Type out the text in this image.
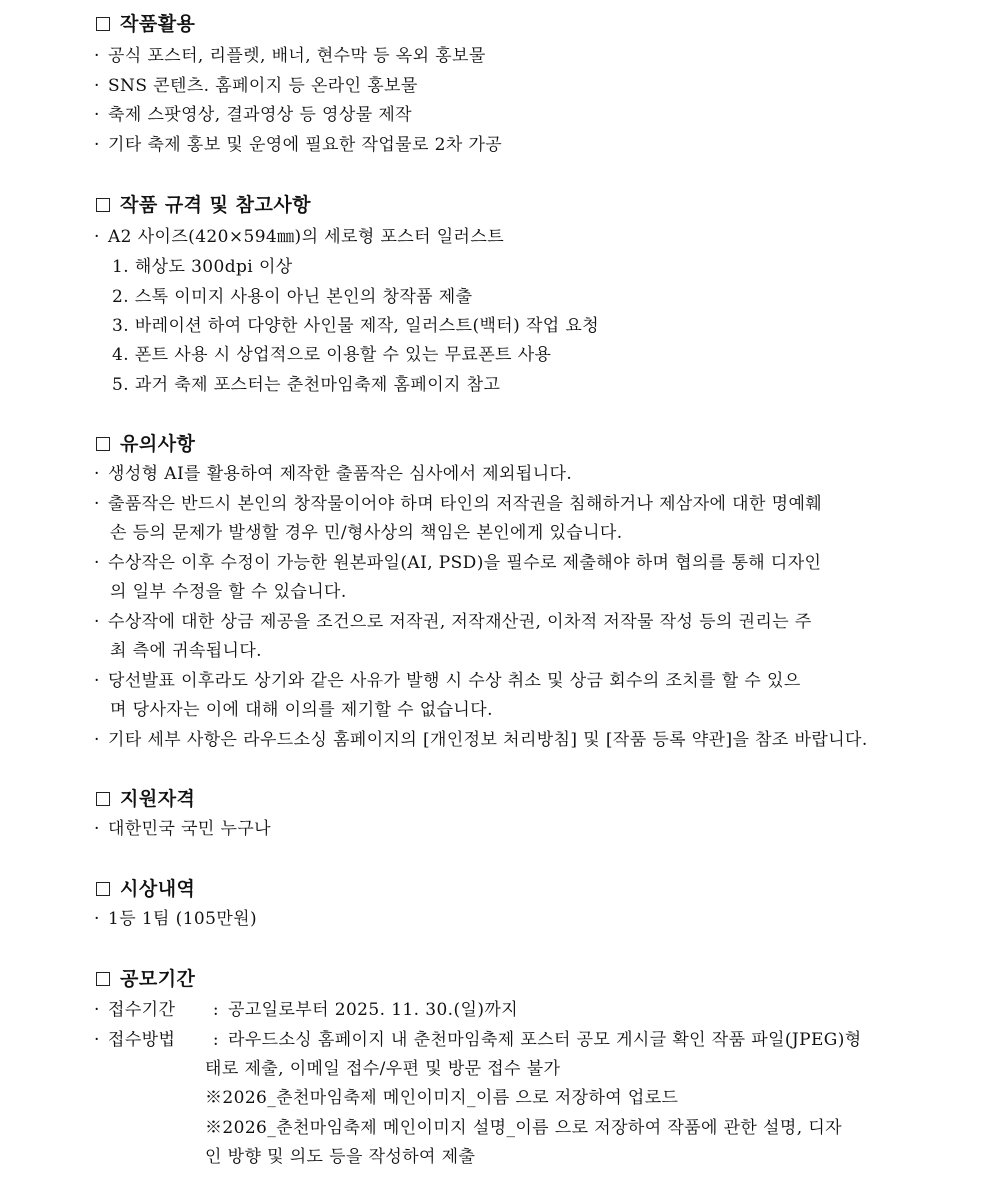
작품활용
· 공식 포스터, 리플렛, 배너, 현수막 등 옥외 홍보물
· SNS 콘텐츠. 홈페이지 등 온라인 홍보물
· 축제 스팟영상, 결과영상 등 영상물 제작
· 기타 축제 홍보 및 운영에 필요한 작업물로 2차 가공
작품 규격 및 참고사항
· A2 사이즈(420×594㎜)의 세로형 포스터 일러스트
1. 해상도 300dpi 이상
2. 스톡 이미지 사용이 아닌 본인의 창작품 제출
3. 바레이션 하여 다양한 사인물 제작, 일러스트(백터) 작업 요청
4. 폰트 사용 시 상업적으로 이용할 수 있는 무료폰트 사용
5. 과거 축제 포스터는 춘천마임축제 홈페이지 참고
유의사항
· 생성형 AI를 활용하여 제작한 출품작은 심사에서 제외됩니다.
· 출품작은 반드시 본인의 창작물이어야 하며 타인의 저작권을 침해하거나 제삼자에 대한 명예훼
손 등의 문제가 발생할 경우 민/형사상의 책임은 본인에게 있습니다.
· 수상작은 이후 수정이 가능한 원본파일(AI, PSD)을 필수로 제출해야 하며 협의를 통해 디자인
의 일부 수정을 할 수 있습니다.
· 수상작에 대한 상금 제공을 조건으로 저작권, 저작재산권, 이차적 저작물 작성 등의 권리는 주
최 측에 귀속됩니다.
· 당선발표 이후라도 상기와 같은 사유가 발행 시 수상 취소 및 상금 회수의 조치를 할 수 있으
며 당사자는 이에 대해 이의를 제기할 수 없습니다.
· 기타 세부 사항은 라우드소싱 홈페이지의 [개인정보 처리방침] 및 [작품 등록 약관]을 참조 바랍니다.
지원자격
· 대한민국 국민 누구나
시상내역
· 1등 1팀 (105만원)
공모기간
· 접수기간 : 공고일로부터 2025. 11. 30.(일)까지
· 접수방법 : 라우드소싱 홈페이지 내 춘천마임축제 포스터 공모 게시글 확인 작품 파일(JPEG)형
태로 제출, 이메일 접수/우편 및 방문 접수 불가
※2026_춘천마임축제 메인이미지_이름 으로 저장하여 업로드
※2026_춘천마임축제 메인이미지 설명_이름 으로 저장하여 작품에 관한 설명, 디자
인 방향 및 의도 등을 작성하여 제출
